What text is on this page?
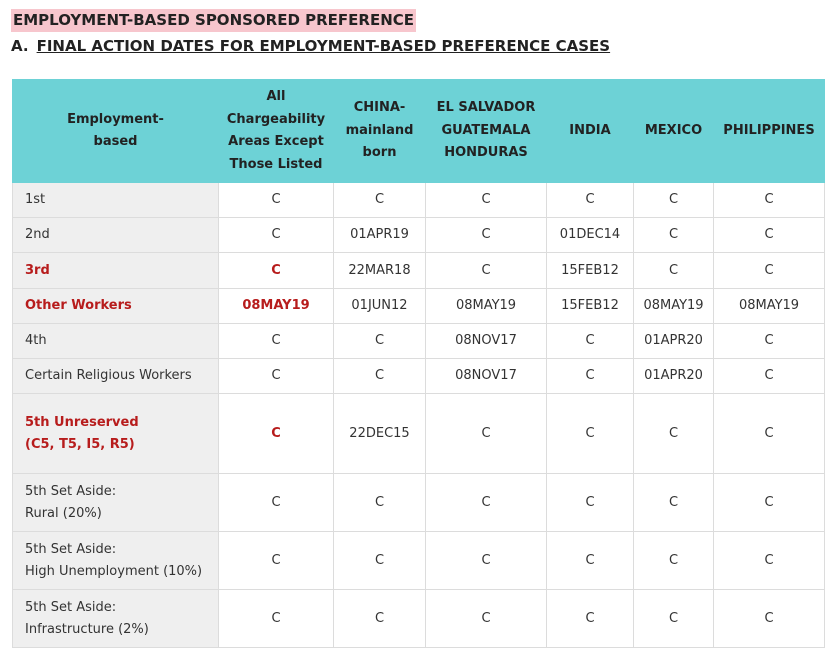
EMPLOYMENT-BASED SPONSORED PREFERENCE
A. FINAL ACTION DATES FOR EMPLOYMENT-BASED PREFERENCE CASES
Employment-
based	All
Chargeability
Areas Except
Those Listed	CHINA-
mainland
born	EL SALVADOR
GUATEMALA
HONDURAS	INDIA	MEXICO	PHILIPPINES
1st	C	C	C	C	C	C
2nd	C	01APR19	C	01DEC14	C	C
3rd	C	22MAR18	C	15FEB12	C	C
Other Workers	08MAY19	01JUN12	08MAY19	15FEB12	08MAY19	08MAY19
4th	C	C	08NOV17	C	01APR20	C
Certain Religious Workers	C	C	08NOV17	C	01APR20	C
5th Unreserved
(C5, T5, I5, R5)	C	22DEC15	C	C	C	C
5th Set Aside:
Rural (20%)	C	C	C	C	C	C
5th Set Aside:
High Unemployment (10%)	C	C	C	C	C	C
5th Set Aside:
Infrastructure (2%)	C	C	C	C	C	C
